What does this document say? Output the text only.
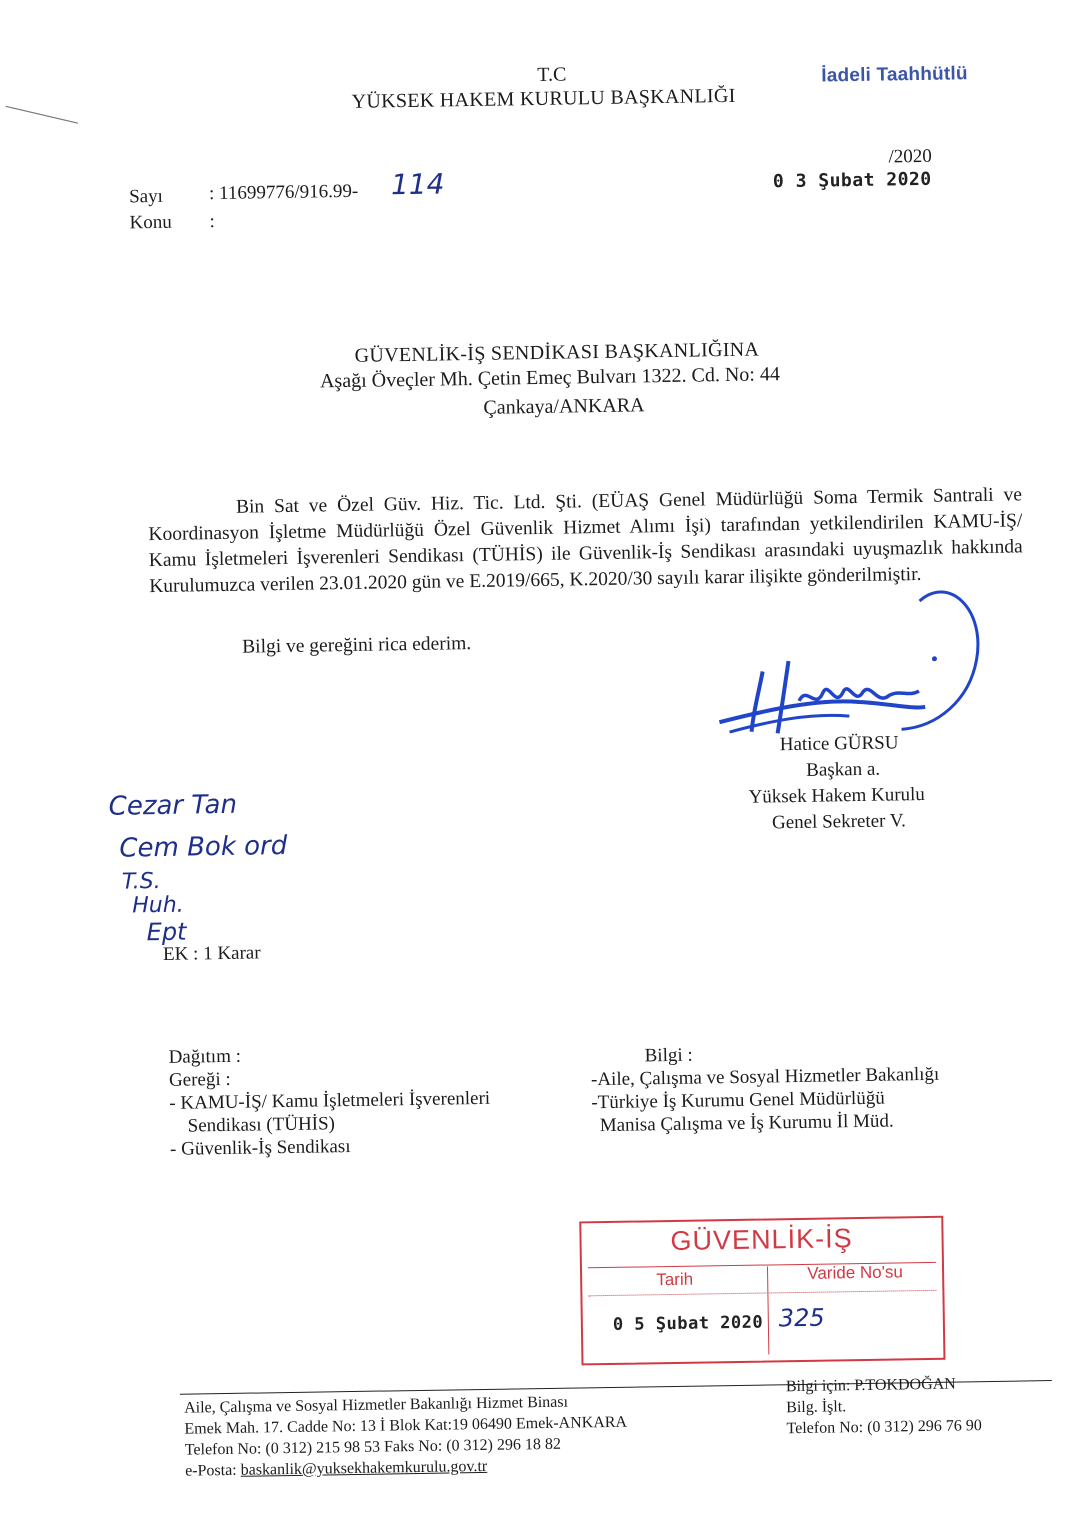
T.C
YÜKSEK HAKEM KURULU BAŞKANLIĞI
İadeli Taahhütlü
Sayı : 11699776/916.99- 114
Konu :
0 3 Şubat 2020
/2020
GÜVENLİK-İŞ SENDİKASI BAŞKANLIĞINA
Aşağı Öveçler Mh. Çetin Emeç Bulvarı 1322. Cd. No: 44
Çankaya/ANKARA
Bin Sat ve Özel Güv. Hiz. Tic. Ltd. Şti. (EÜAŞ Genel Müdürlüğü Soma Termik Santrali ve Koordinasyon İşletme Müdürlüğü Özel Güvenlik Hizmet Alımı İşi) tarafından yetkilendirilen KAMU-İŞ/ Kamu İşletmeleri İşverenleri Sendikası (TÜHİS) ile Güvenlik-İş Sendikası arasındaki uyuşmazlık hakkında Kurulumuzca verilen 23.01.2020 gün ve E.2019/665, K.2020/30 sayılı karar ilişikte gönderilmiştir.
Bilgi ve gereğini rica ederim.
Hatice GÜRSU
Başkan a.
Yüksek Hakem Kurulu
Genel Sekreter V.
Cezar Tan
Cem Bok ord
T.S.
Huh.
Ept
EK : 1 Karar
Dağıtım :
Gereği :
- KAMU-İŞ/ Kamu İşletmeleri İşverenleri
Sendikası (TÜHİS)
- Güvenlik-İş Sendikası
Bilgi :
-Aile, Çalışma ve Sosyal Hizmetler Bakanlığı
-Türkiye İş Kurumu Genel Müdürlüğü
Manisa Çalışma ve İş Kurumu İl Müd.
GÜVENLİK-İŞ
Tarih	Varide No'su
0 5 Şubat 2020 325
Aile, Çalışma ve Sosyal Hizmetler Bakanlığı Hizmet Binası
Emek Mah. 17. Cadde No: 13 İ Blok Kat:19 06490 Emek-ANKARA
Telefon No: (0 312) 215 98 53 Faks No: (0 312) 296 18 82
e-Posta: baskanlik@yuksekhakemkurulu.gov.tr
Bilgi için: P.TOKDOĞAN
Bilg. İşlt.
Telefon No: (0 312) 296 76 90
